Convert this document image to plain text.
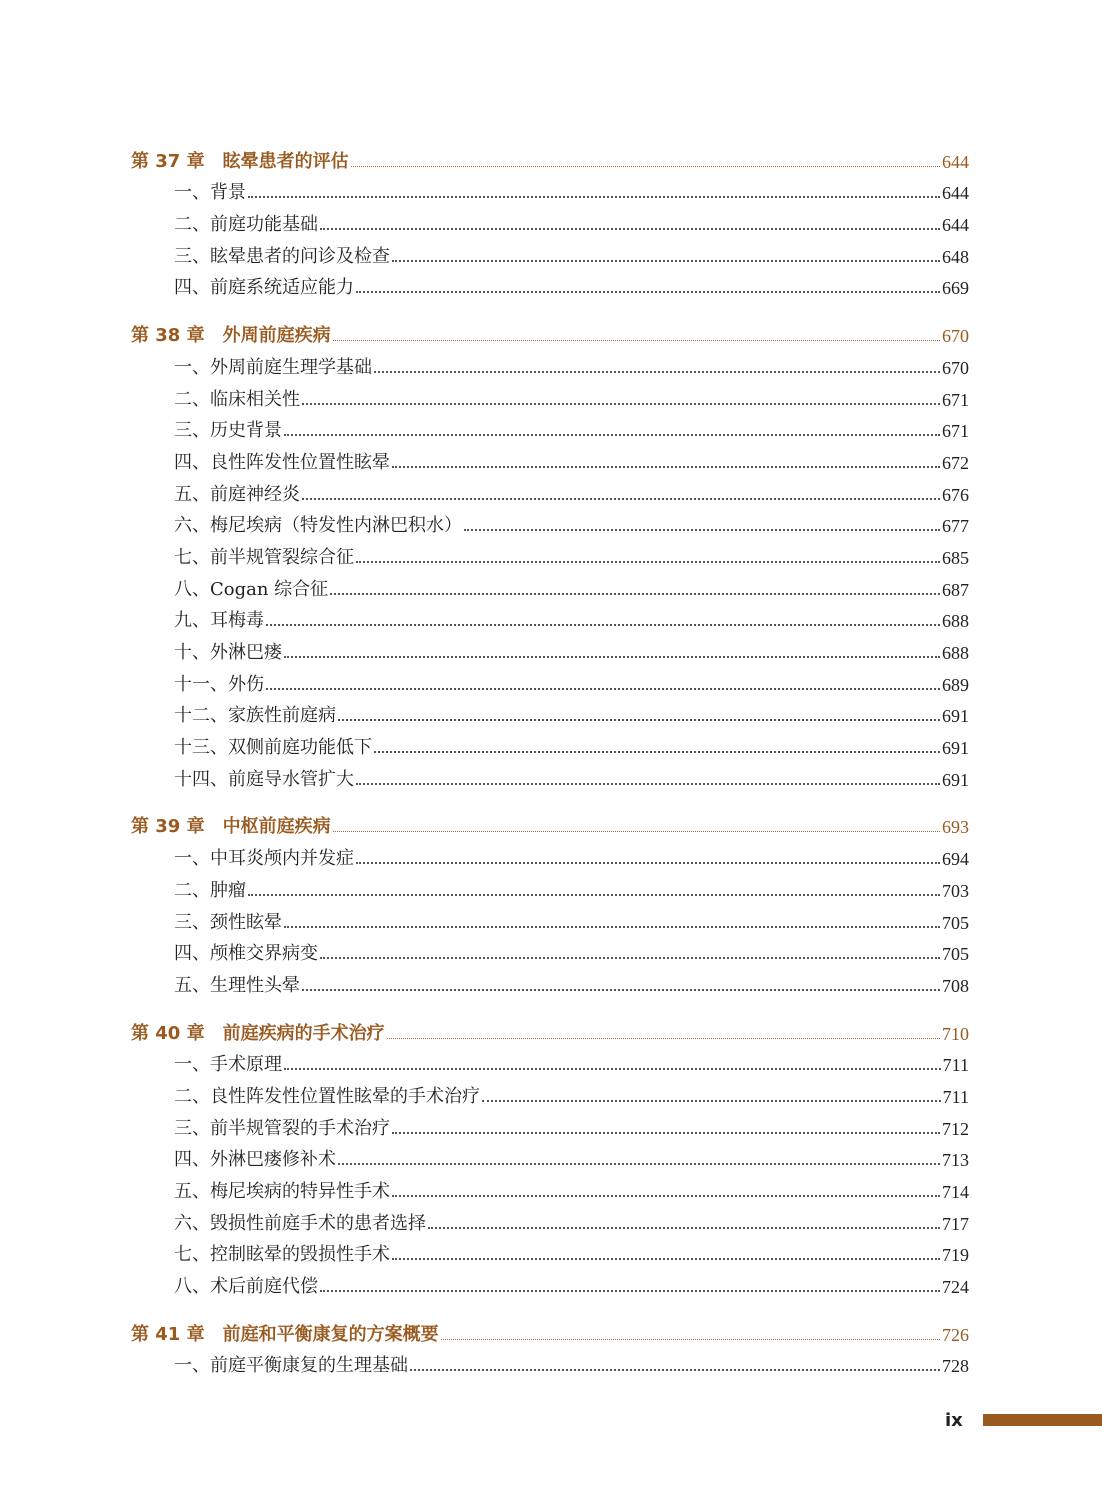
第 37 章 眩晕患者的评估	644
一、背景	644
二、前庭功能基础	644
三、眩晕患者的问诊及检查	648
四、前庭系统适应能力	669
第 38 章 外周前庭疾病	670
一、外周前庭生理学基础	670
二、临床相关性	671
三、历史背景	671
四、良性阵发性位置性眩晕	672
五、前庭神经炎	676
六、梅尼埃病（特发性内淋巴积水）	677
七、前半规管裂综合征	685
八、Cogan 综合征	687
九、耳梅毒	688
十、外淋巴瘘	688
十一、外伤	689
十二、家族性前庭病	691
十三、双侧前庭功能低下	691
十四、前庭导水管扩大	691
第 39 章 中枢前庭疾病	693
一、中耳炎颅内并发症	694
二、肿瘤	703
三、颈性眩晕	705
四、颅椎交界病变	705
五、生理性头晕	708
第 40 章 前庭疾病的手术治疗	710
一、手术原理	711
二、良性阵发性位置性眩晕的手术治疗	711
三、前半规管裂的手术治疗	712
四、外淋巴瘘修补术	713
五、梅尼埃病的特异性手术	714
六、毁损性前庭手术的患者选择	717
七、控制眩晕的毁损性手术	719
八、术后前庭代偿	724
第 41 章 前庭和平衡康复的方案概要	726
一、前庭平衡康复的生理基础	728
ix
